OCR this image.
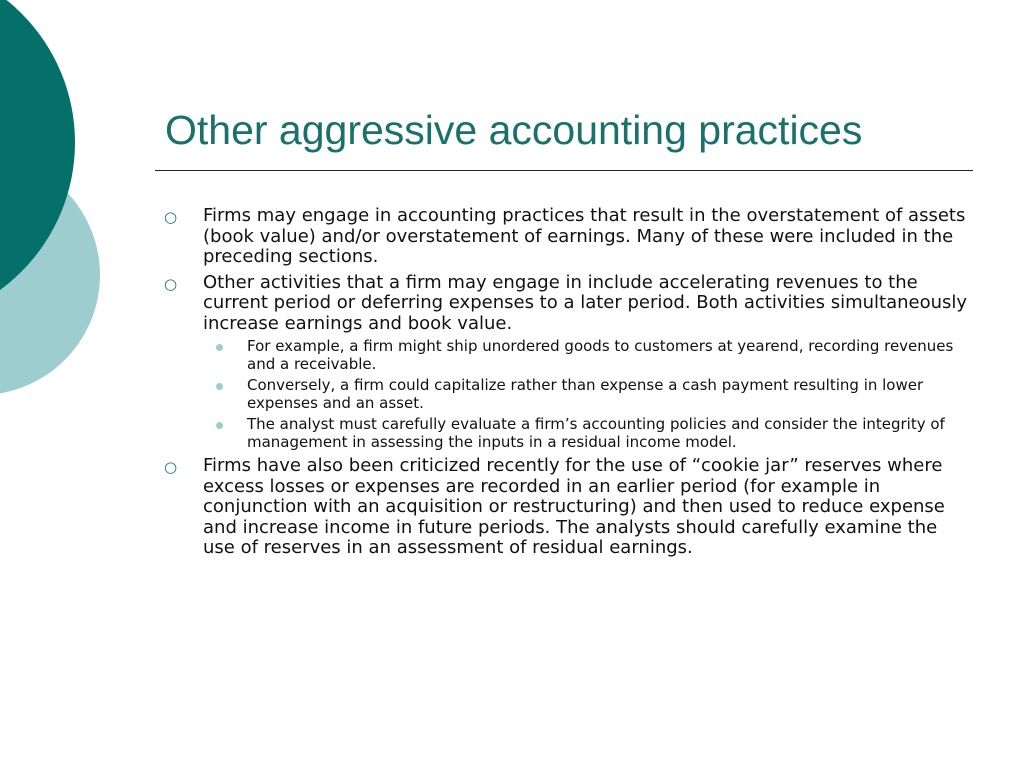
Other aggressive accounting practices
○ Firms may engage in accounting practices that result in the overstatement of assets (book value) and/or overstatement of earnings. Many of these were included in the preceding sections.
○ Other activities that a firm may engage in include accelerating revenues to the current period or deferring expenses to a later period. Both activities simultaneously increase earnings and book value.
For example, a firm might ship unordered goods to customers at yearend, recording revenues and a receivable.
Conversely, a firm could capitalize rather than expense a cash payment resulting in lower expenses and an asset.
The analyst must carefully evaluate a firm’s accounting policies and consider the integrity of management in assessing the inputs in a residual income model.
○ Firms have also been criticized recently for the use of “cookie jar” reserves where excess losses or expenses are recorded in an earlier period (for example in conjunction with an acquisition or restructuring) and then used to reduce expense and increase income in future periods. The analysts should carefully examine the use of reserves in an assessment of residual earnings.
